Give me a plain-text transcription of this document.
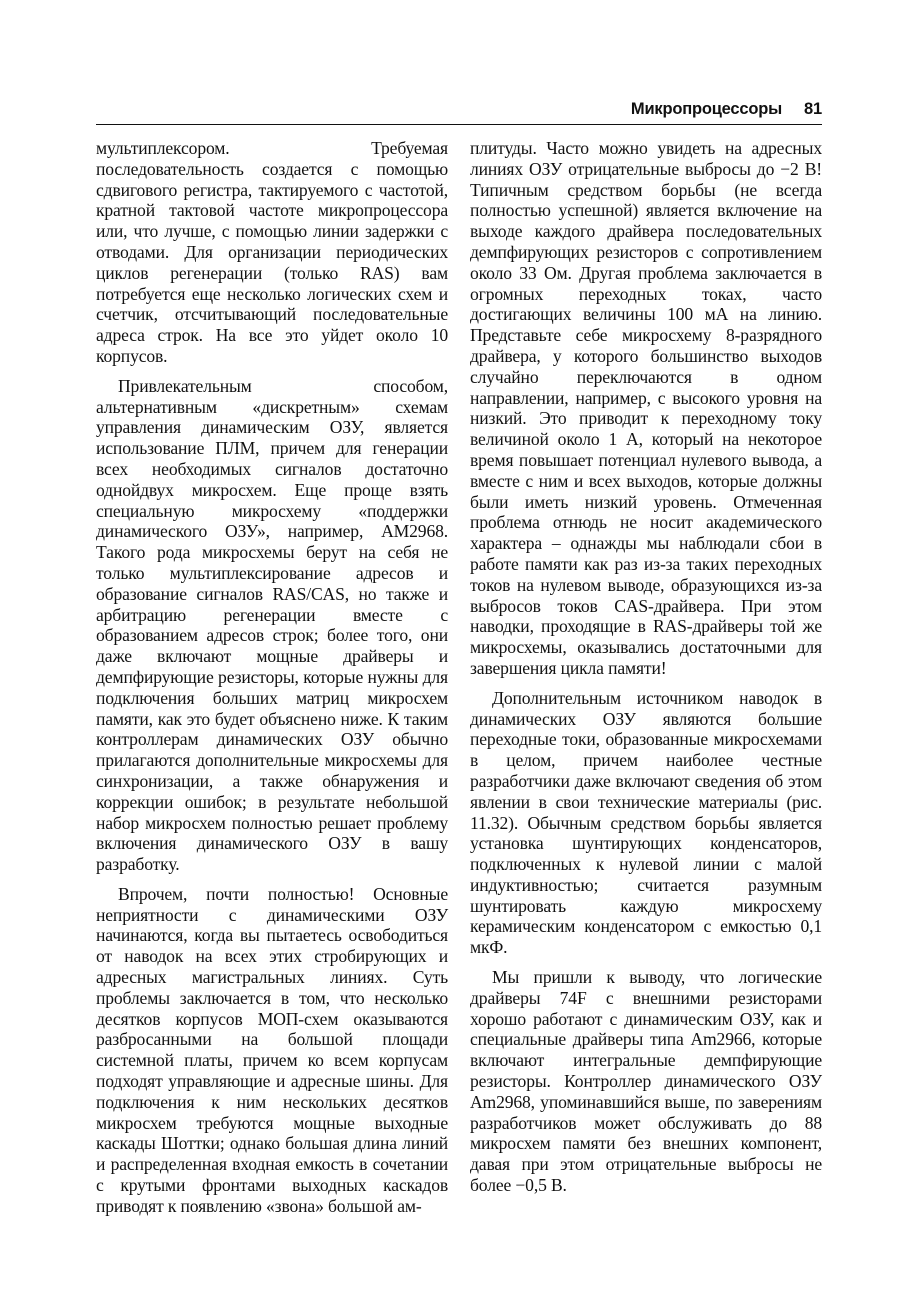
Микропроцессоры 81

мультиплексором. Требуемая последовательность создается с помощью сдвигового регистра, тактируемого с частотой, кратной тактовой частоте микропроцессора или, что лучше, с помощью линии задержки с отводами. Для организации периодических циклов регенерации (только RAS) вам потребуется еще несколько логических схем и счетчик, отсчитывающий последовательные адреса строк. На все это уйдет около 10 корпусов.

Привлекательным способом, альтернативным «дискретным» схемам управления динамическим ОЗУ, является использование ПЛМ, причем для генерации всех необходимых сигналов достаточно однойдвух микросхем. Еще проще взять специальную микросхему «поддержки динамического ОЗУ», например, AM2968. Такого рода микросхемы берут на себя не только мультиплексирование адресов и образование сигналов RAS/CAS, но также и арбитрацию регенерации вместе с образованием адресов строк; более того, они даже включают мощные драйверы и демпфирующие резисторы, которые нужны для подключения больших матриц микросхем памяти, как это будет объяснено ниже. К таким контроллерам динамических ОЗУ обычно прилагаются дополнительные микросхемы для синхронизации, а также обнаружения и коррекции ошибок; в результате небольшой набор микросхем полностью решает проблему включения динамического ОЗУ в вашу разработку.

Впрочем, почти полностью! Основные неприятности с динамическими ОЗУ начинаются, когда вы пытаетесь освободиться от наводок на всех этих стробирующих и адресных магистральных линиях. Суть проблемы заключается в том, что несколько десятков корпусов МОП-схем оказываются разбросанными на большой площади системной платы, причем ко всем корпусам подходят управляющие и адресные шины. Для подключения к ним нескольких десятков микросхем требуются мощные выходные каскады Шоттки; однако большая длина линий и распределенная входная емкость в сочетании с крутыми фронтами выходных каскадов приводят к появлению «звона» большой ам-

плитуды. Часто можно увидеть на адресных линиях ОЗУ отрицательные выбросы до −2 В! Типичным средством борьбы (не всегда полностью успешной) является включение на выходе каждого драйвера последовательных демпфирующих резисторов с сопротивлением около 33 Ом. Другая проблема заключается в огромных переходных токах, часто достигающих величины 100 мА на линию. Представьте себе микросхему 8-разрядного драйвера, у которого большинство выходов случайно переключаются в одном направлении, например, с высокого уровня на низкий. Это приводит к переходному току величиной около 1 А, который на некоторое время повышает потенциал нулевого вывода, а вместе с ним и всех выходов, которые должны были иметь низкий уровень. Отмеченная проблема отнюдь не носит академического характера – однажды мы наблюдали сбои в работе памяти как раз из-за таких переходных токов на нулевом выводе, образующихся из-за выбросов токов CAS-драйвера. При этом наводки, проходящие в RAS-драйверы той же микросхемы, оказывались достаточными для завершения цикла памяти!

Дополнительным источником наводок в динамических ОЗУ являются большие переходные токи, образованные микросхемами в целом, причем наиболее честные разработчики даже включают сведения об этом явлении в свои технические материалы (рис. 11.32). Обычным средством борьбы является установка шунтирующих конденсаторов, подключенных к нулевой линии с малой индуктивностью; считается разумным шунтировать каждую микросхему керамическим конденсатором с емкостью 0,1 мкФ.

Мы пришли к выводу, что логические драйверы 74F с внешними резисторами хорошо работают с динамическим ОЗУ, как и специальные драйверы типа Am2966, которые включают интегральные демпфирующие резисторы. Контроллер динамического ОЗУ Am2968, упоминавшийся выше, по заверениям разработчиков может обслуживать до 88 микросхем памяти без внешних компонент, давая при этом отрицательные выбросы не более −0,5 В.
